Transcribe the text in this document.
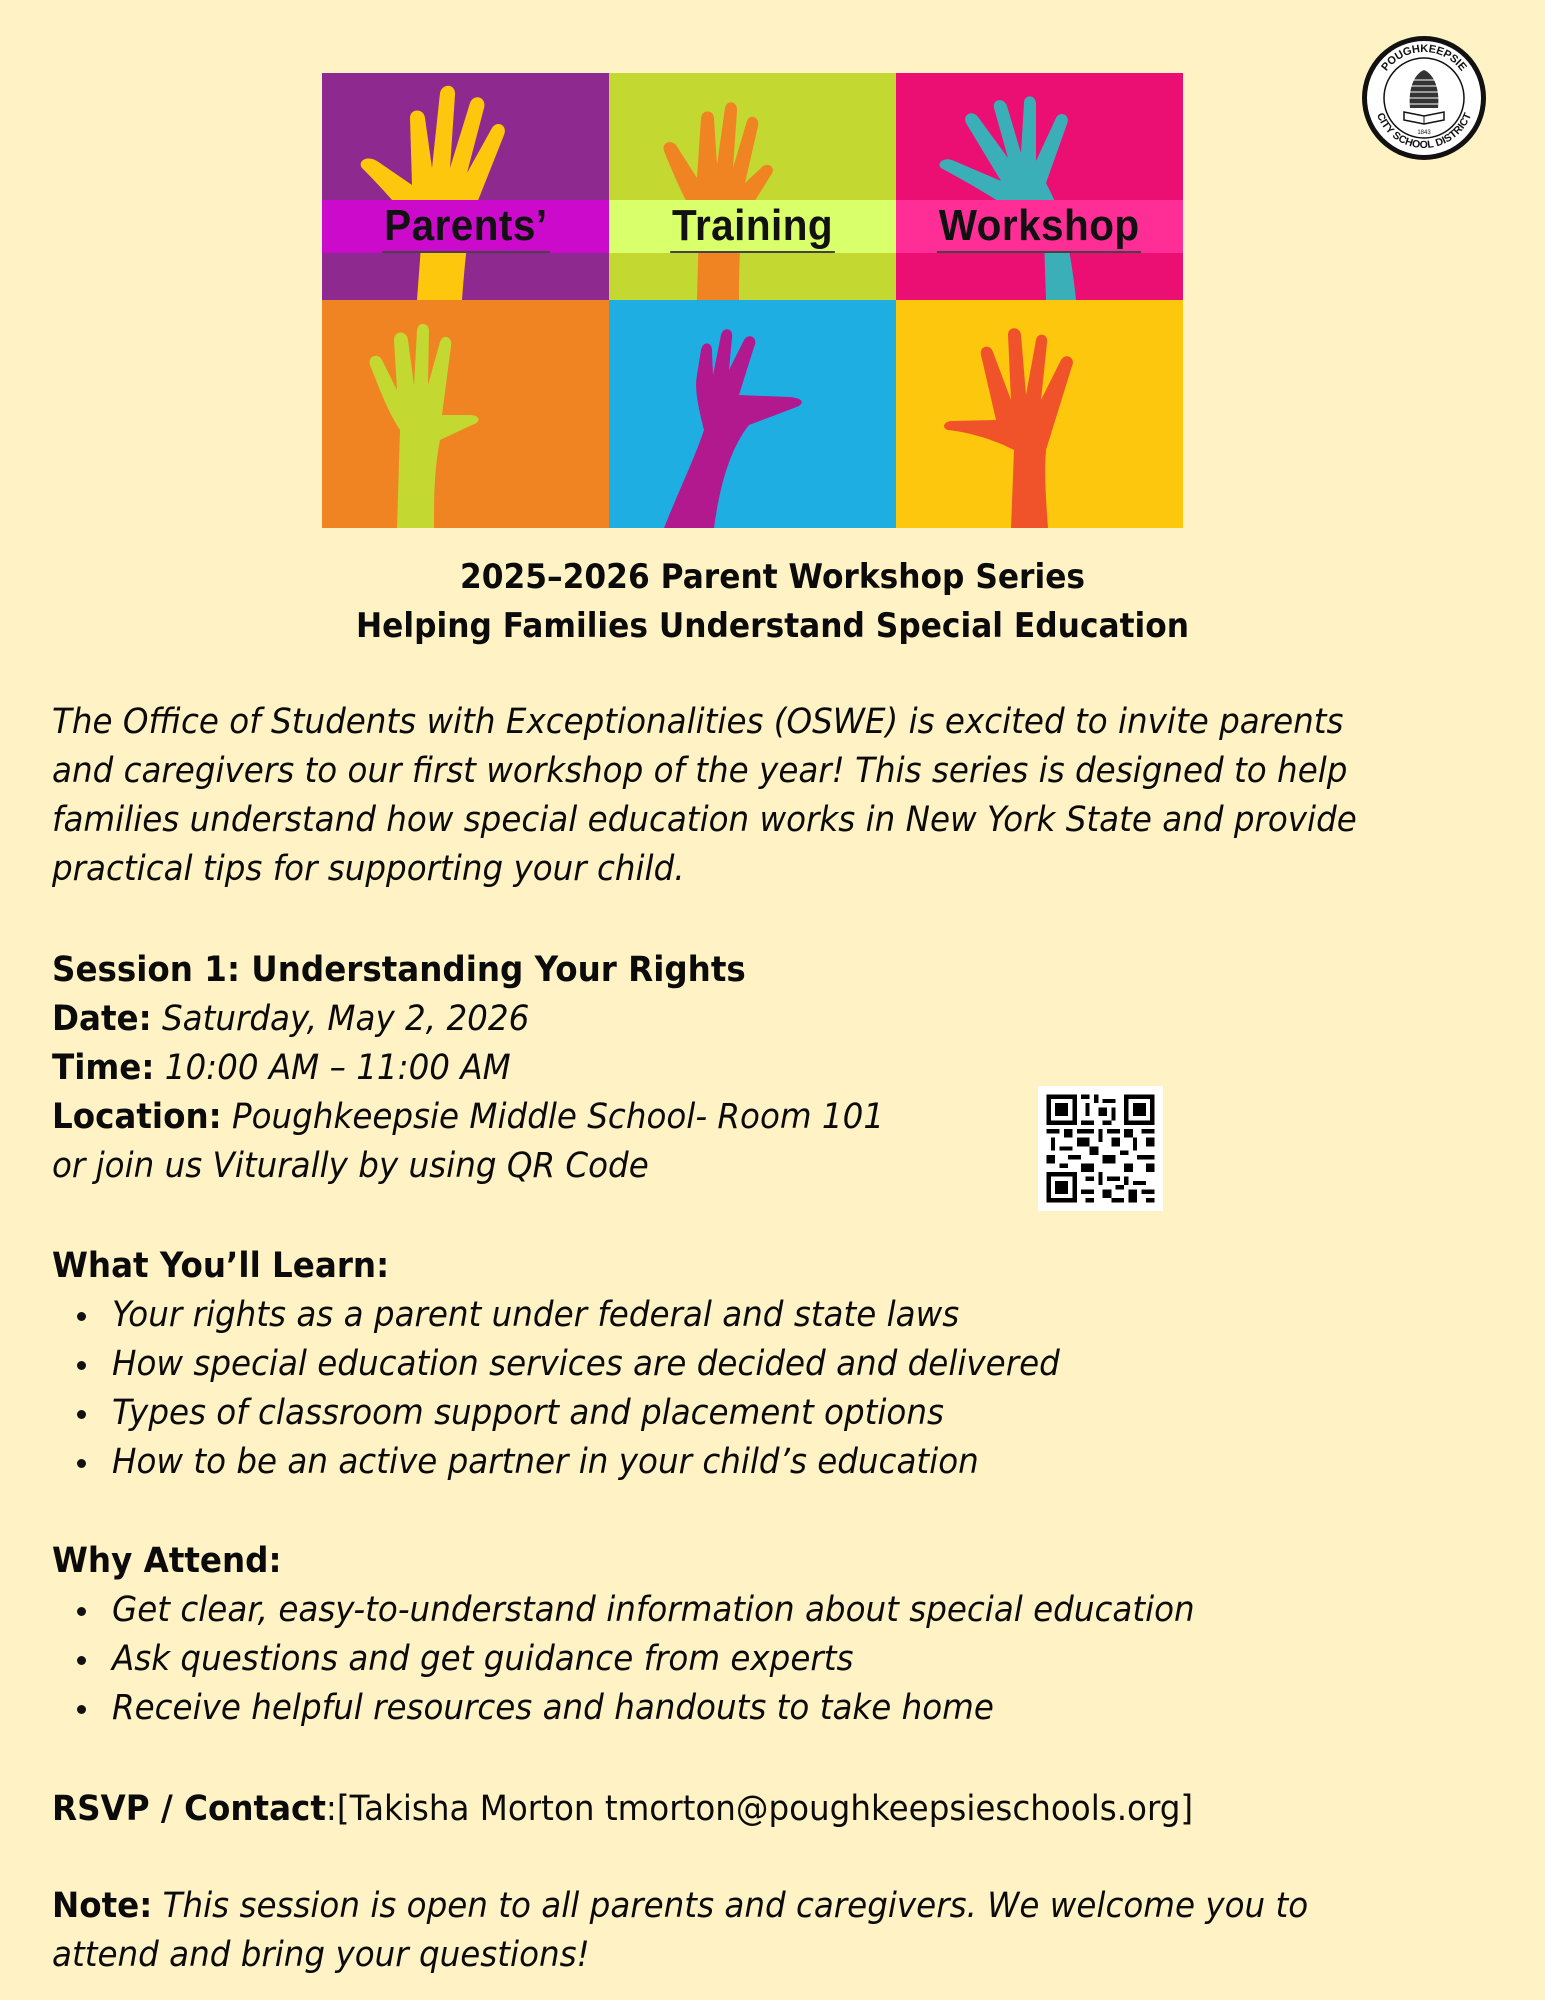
Parents’	Training Workshop
POUGHKEEPSIE
CITY SCHOOL DISTRICT
1843
2025–2026 Parent Workshop Series
Helping Families Understand Special Education
The Office of Students with Exceptionalities (OSWE) is excited to invite parents
and caregivers to our first workshop of the year! This series is designed to help
families understand how special education works in New York State and provide
practical tips for supporting your child.
Session 1: Understanding Your Rights
Date: Saturday, May 2, 2026
Time: 10:00 AM – 11:00 AM
Location: Poughkeepsie Middle School- Room 101
or join us Viturally by using QR Code
What You’ll Learn:
Your rights as a parent under federal and state laws
How special education services are decided and delivered
Types of classroom support and placement options
How to be an active partner in your child’s education
Why Attend:
Get clear, easy-to-understand information about special education
Ask questions and get guidance from experts
Receive helpful resources and handouts to take home
RSVP / Contact:[Takisha Morton tmorton@poughkeepsieschools.org]
Note: This session is open to all parents and caregivers. We welcome you to
attend and bring your questions!
